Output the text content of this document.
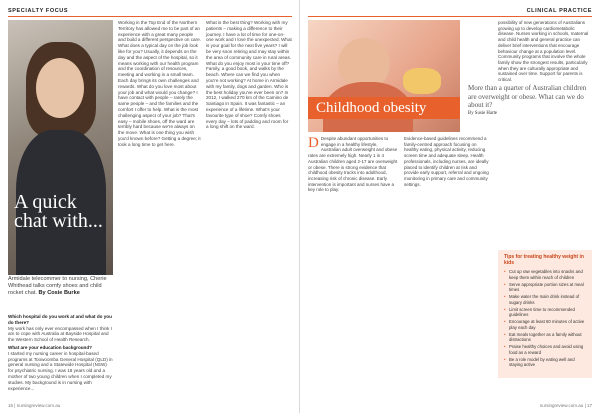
SPECIALTY FOCUS
A quick chat with...
Armidale telecommer to nursing, Cherie Whithead talks comfy shoes and child rocket chat. By Cosie Burke
Which hospital do you work at and what do you do there?
My work has only ever encompassed when I think I am to cope with Australia at Bayside Hospital and the Western School of Health Research.
What are your education background?
I started my nursing career in hospital-based programs at Toowoomba General Hospital (QLD) in general nursing and a Statewide Hospital (NSW) for psychiatric nursing. I was 18 years old and a mother of two young children when I completed my studies. My background is in nursing with experience...
Working in the Top End of the Northern Territory has allowed me to be part of an experience with a great many people and build a different perspective on care. What does a typical day on the job look like for you? Usually, it depends on the day and the aspect of the hospital, so it means working with our health program and the coordination of resources, meeting and working in a small team. Each day brings its own challenges and rewards. What do you love most about your job and what would you change? I have contact with people – rarely the same people – and the families and the comfort I offer to help. What is the most challenging aspect of your job? That's easy – mobile shoes, off the ward are terribly hard because we're always on the move. What is one thing you wish you'd known before? Getting a degree; it took a long time to get here.
What is the best thing? Working with my patients – making a difference to their journey. I have a lot of time for one-on-one work and I love the unexpected. What is your goal for the next five years? I will be very soon retiring and may stay within the area of community care in rural areas. What do you enjoy most in your time off? Family, a good book, and walks by the beach. Where can we find you when you're not working? At home in Armidale with my family, dogs and garden. Who is the best holiday you've ever been on? In 2012, I walked 270 km of the Camino de Santiago in Spain. It was fantastic – an experience of a lifetime. What's your favourite type of shoe? Comfy shoes every day – lots of padding and room for a long shift on the ward.
16 | nursingreview.com.au
CLINICAL PRACTICE
Childhood obesity
More than a quarter of Australian children are overweight or obese. What can we do about it?
By Susie Harte
D Despite abundant opportunities to engage in a healthy lifestyle, Australian adult overweight and obese rates are extremely high. Nearly 1 in 4 Australian children aged 2-17 are overweight or obese. There is strong evidence that childhood obesity tracks into adulthood, increasing risk of chronic disease. Early intervention is important and nurses have a key role to play.
Evidence-based guidelines recommend a family-centred approach focusing on healthy eating, physical activity, reducing screen time and adequate sleep. Health professionals, including nurses, are ideally placed to identify children at risk and provide early support, referral and ongoing monitoring in primary care and community settings.
possibility of new generations of Australians growing up to develop cardiometabolic disease. Nurses working in schools, maternal and child health and general practice can deliver brief interventions that encourage behaviour change at a population level. Community programs that involve the whole family show the strongest results, particularly when they are culturally appropriate and sustained over time. Support for parents is critical.
Tips for treating healthy weight in kids
• Cut up raw vegetables into snacks and keep them within reach of children
• Serve appropriate portion sizes at meal times
• Make water the main drink instead of sugary drinks
• Limit screen time to recommended guidelines
• Encourage at least 60 minutes of active play each day
• Eat meals together as a family without distractions
• Praise healthy choices and avoid using food as a reward
• Be a role model by eating well and staying active
nursingreview.com.au | 17
